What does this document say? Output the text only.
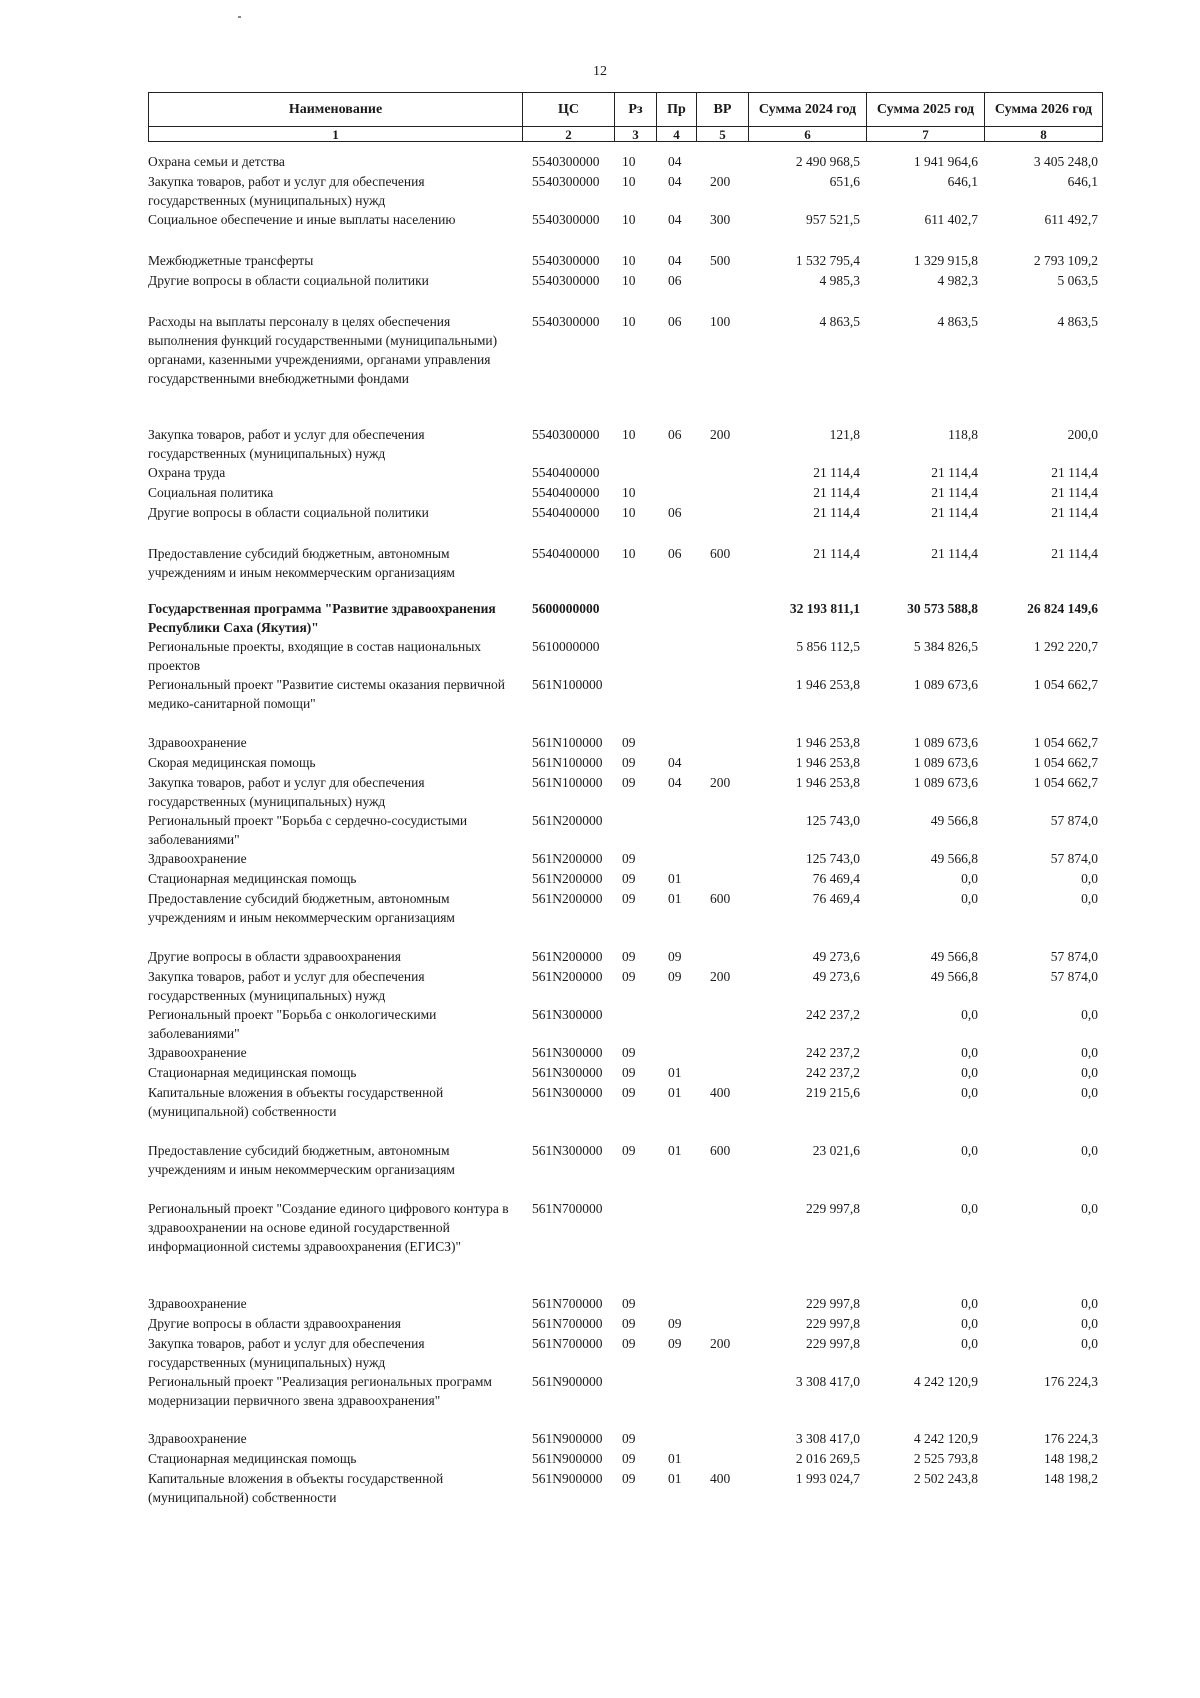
12
Наименование	ЦС	Рз	Пр	ВР	Сумма 2024 год	Сумма 2025 год	Сумма 2026 год
1	2	3	4	5	6	7	8
Охрана семьи и детства	5540300000	10	04		2 490 968,5	1 941 964,6	3 405 248,0
Закупка товаров, работ и услуг для обеспечения государственных (муниципальных) нужд	5540300000	10	04	200	651,6	646,1	646,1
Социальное обеспечение и иные выплаты населению	5540300000	10	04	300	957 521,5	611 402,7	611 492,7
Межбюджетные трансферты	5540300000	10	04	500	1 532 795,4	1 329 915,8	2 793 109,2
Другие вопросы в области социальной политики	5540300000	10	06		4 985,3	4 982,3	5 063,5
Расходы на выплаты персоналу в целях обеспечения выполнения функций государственными (муниципальными) органами, казенными учреждениями, органами управления государственными внебюджетными фондами	5540300000	10	06	100	4 863,5	4 863,5	4 863,5
Закупка товаров, работ и услуг для обеспечения государственных (муниципальных) нужд	5540300000	10	06	200	121,8	118,8	200,0
Охрана труда	5540400000				21 114,4	21 114,4	21 114,4
Социальная политика	5540400000	10			21 114,4	21 114,4	21 114,4
Другие вопросы в области социальной политики	5540400000	10	06		21 114,4	21 114,4	21 114,4
Предоставление субсидий бюджетным, автономным учреждениям и иным некоммерческим организациям	5540400000	10	06	600	21 114,4	21 114,4	21 114,4
Государственная программа "Развитие здравоохранения Республики Саха (Якутия)"	5600000000				32 193 811,1	30 573 588,8	26 824 149,6
Региональные проекты, входящие в состав национальных проектов	5610000000				5 856 112,5	5 384 826,5	1 292 220,7
Региональный проект "Развитие системы оказания первичной медико-санитарной помощи"	561N100000				1 946 253,8	1 089 673,6	1 054 662,7
Здравоохранение	561N100000	09			1 946 253,8	1 089 673,6	1 054 662,7
Скорая медицинская помощь	561N100000	09	04		1 946 253,8	1 089 673,6	1 054 662,7
Закупка товаров, работ и услуг для обеспечения государственных (муниципальных) нужд	561N100000	09	04	200	1 946 253,8	1 089 673,6	1 054 662,7
Региональный проект "Борьба с сердечно-сосудистыми заболеваниями"	561N200000				125 743,0	49 566,8	57 874,0
Здравоохранение	561N200000	09			125 743,0	49 566,8	57 874,0
Стационарная медицинская помощь	561N200000	09	01		76 469,4	0,0	0,0
Предоставление субсидий бюджетным, автономным учреждениям и иным некоммерческим организациям	561N200000	09	01	600	76 469,4	0,0	0,0
Другие вопросы в области здравоохранения	561N200000	09	09		49 273,6	49 566,8	57 874,0
Закупка товаров, работ и услуг для обеспечения государственных (муниципальных) нужд	561N200000	09	09	200	49 273,6	49 566,8	57 874,0
Региональный проект "Борьба с онкологическими заболеваниями"	561N300000				242 237,2	0,0	0,0
Здравоохранение	561N300000	09			242 237,2	0,0	0,0
Стационарная медицинская помощь	561N300000	09	01		242 237,2	0,0	0,0
Капитальные вложения в объекты государственной (муниципальной) собственности	561N300000	09	01	400	219 215,6	0,0	0,0
Предоставление субсидий бюджетным, автономным учреждениям и иным некоммерческим организациям	561N300000	09	01	600	23 021,6	0,0	0,0
Региональный проект "Создание единого цифрового контура в здравоохранении на основе единой государственной информационной системы здравоохранения (ЕГИСЗ)"	561N700000				229 997,8	0,0	0,0
Здравоохранение	561N700000	09			229 997,8	0,0	0,0
Другие вопросы в области здравоохранения	561N700000	09	09		229 997,8	0,0	0,0
Закупка товаров, работ и услуг для обеспечения государственных (муниципальных) нужд	561N700000	09	09	200	229 997,8	0,0	0,0
Региональный проект "Реализация региональных программ модернизации первичного звена здравоохранения"	561N900000				3 308 417,0	4 242 120,9	176 224,3
Здравоохранение	561N900000	09			3 308 417,0	4 242 120,9	176 224,3
Стационарная медицинская помощь	561N900000	09	01		2 016 269,5	2 525 793,8	148 198,2
Капитальные вложения в объекты государственной (муниципальной) собственности	561N900000	09	01	400	1 993 024,7	2 502 243,8	148 198,2
